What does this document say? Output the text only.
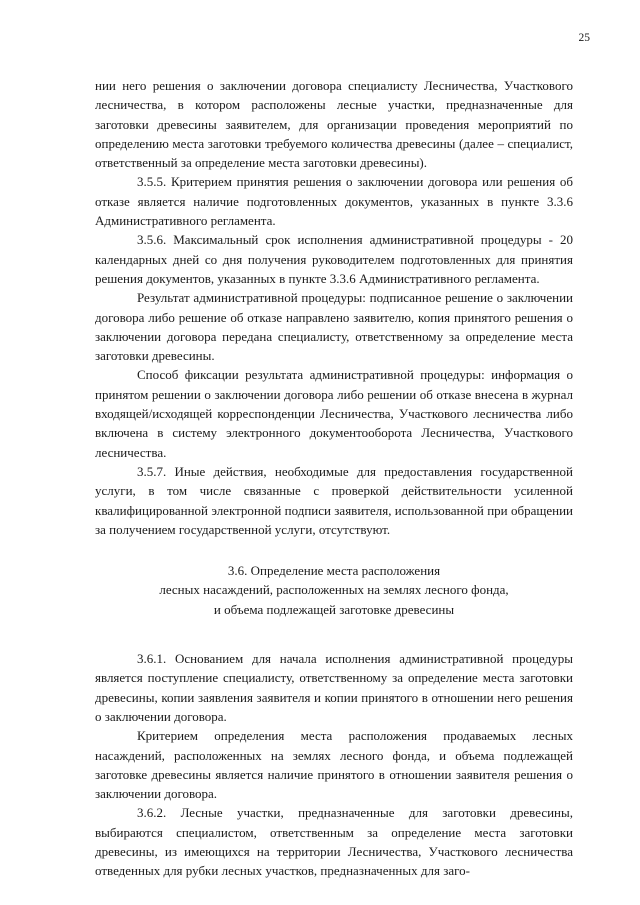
25

нии него решения о заключении договора специалисту Лесничества, Участкового лесничества, в котором расположены лесные участки, предназначенные для заготовки древесины заявителем, для организации проведения мероприятий по определению места заготовки требуемого количества древесины (далее – специалист, ответственный за определение места заготовки древесины).

3.5.5. Критерием принятия решения о заключении договора или решения об отказе является наличие подготовленных документов, указанных в пункте 3.3.6 Административного регламента.

3.5.6. Максимальный срок исполнения административной процедуры - 20 календарных дней со дня получения руководителем подготовленных для принятия решения документов, указанных в пункте 3.3.6 Административного регламента.

Результат административной процедуры: подписанное решение о заключении договора либо решение об отказе направлено заявителю, копия принятого решения о заключении договора передана специалисту, ответственному за определение места заготовки древесины.

Способ фиксации результата административной процедуры: информация о принятом решении о заключении договора либо решении об отказе внесена в журнал входящей/исходящей корреспонденции Лесничества, Участкового лесничества либо включена в систему электронного документооборота Лесничества, Участкового лесничества.

3.5.7. Иные действия, необходимые для предоставления государственной услуги, в том числе связанные с проверкой действительности усиленной квалифицированной электронной подписи заявителя, использованной при обращении за получением государственной услуги, отсутствуют.

3.6. Определение места расположения
лесных насаждений, расположенных на землях лесного фонда,
и объема подлежащей заготовке древесины

3.6.1. Основанием для начала исполнения административной процедуры является поступление специалисту, ответственному за определение места заготовки древесины, копии заявления заявителя и копии принятого в отношении него решения о заключении договора.

Критерием определения места расположения продаваемых лесных насаждений, расположенных на землях лесного фонда, и объема подлежащей заготовке древесины является наличие принятого в отношении заявителя решения о заключении договора.

3.6.2. Лесные участки, предназначенные для заготовки древесины, выбираются специалистом, ответственным за определение места заготовки древесины, из имеющихся на территории Лесничества, Участкового лесничества отведенных для рубки лесных участков, предназначенных для заго-
